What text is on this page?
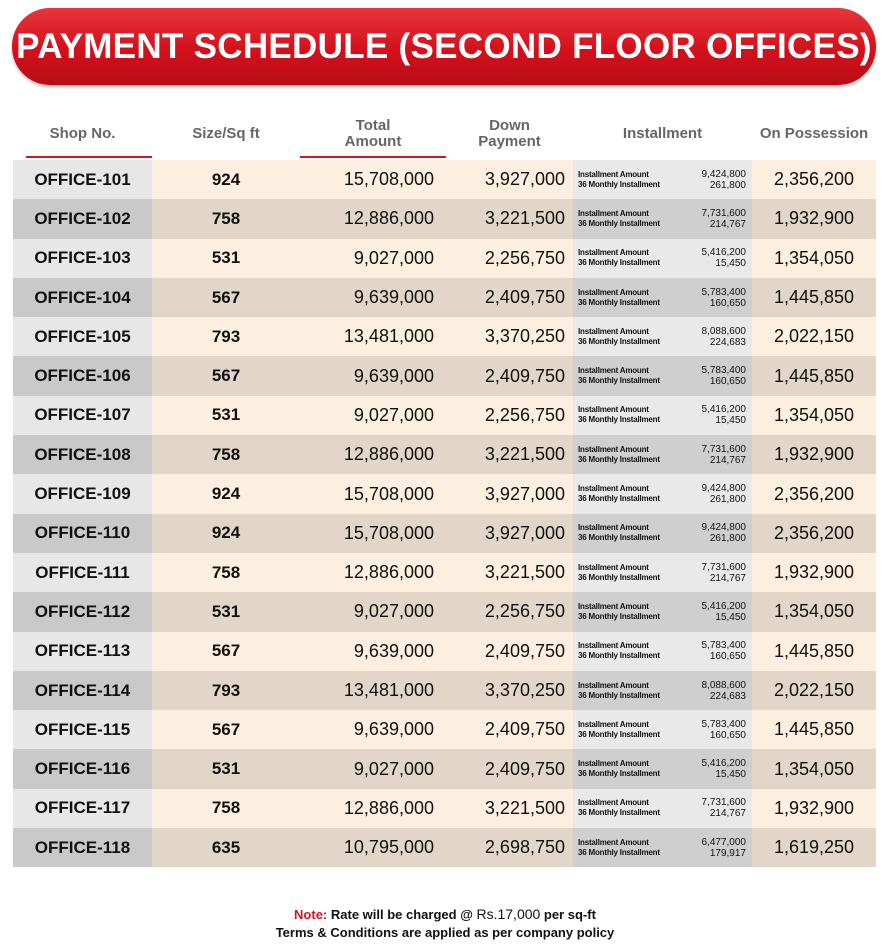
PAYMENT SCHEDULE (SECOND FLOOR OFFICES)
Shop No.	Size/Sq ft	Total
Amount
Down
Payment	Installment	On Possession
OFFICE-101	924	15,708,000	3,927,000	Installment Amount
36 Monthly Installment
9,424,800
261,800	2,356,200
OFFICE-102	758	12,886,000	3,221,500	Installment Amount
36 Monthly Installment
7,731,600
214,767	1,932,900
OFFICE-103	531	9,027,000	2,256,750	Installment Amount
36 Monthly Installment
5,416,200
15,450	1,354,050
OFFICE-104	567	9,639,000	2,409,750	Installment Amount
36 Monthly Installment
5,783,400
160,650	1,445,850
OFFICE-105	793	13,481,000	3,370,250	Installment Amount
36 Monthly Installment
8,088,600
224,683	2,022,150
OFFICE-106	567	9,639,000	2,409,750	Installment Amount
36 Monthly Installment
5,783,400
160,650	1,445,850
OFFICE-107	531	9,027,000	2,256,750	Installment Amount
36 Monthly Installment
5,416,200
15,450	1,354,050
OFFICE-108	758	12,886,000	3,221,500	Installment Amount
36 Monthly Installment
7,731,600
214,767	1,932,900
OFFICE-109	924	15,708,000	3,927,000	Installment Amount
36 Monthly Installment
9,424,800
261,800	2,356,200
OFFICE-110	924	15,708,000	3,927,000	Installment Amount
36 Monthly Installment
9,424,800
261,800	2,356,200
OFFICE-111	758	12,886,000	3,221,500	Installment Amount
36 Monthly Installment
7,731,600
214,767	1,932,900
OFFICE-112	531	9,027,000	2,256,750	Installment Amount
36 Monthly Installment
5,416,200
15,450	1,354,050
OFFICE-113	567	9,639,000	2,409,750	Installment Amount
36 Monthly Installment
5,783,400
160,650	1,445,850
OFFICE-114	793	13,481,000	3,370,250	Installment Amount
36 Monthly Installment
8,088,600
224,683	2,022,150
OFFICE-115	567	9,639,000	2,409,750	Installment Amount
36 Monthly Installment
5,783,400
160,650	1,445,850
OFFICE-116	531	9,027,000	2,409,750	Installment Amount
36 Monthly Installment
5,416,200
15,450	1,354,050
OFFICE-117	758	12,886,000	3,221,500	Installment Amount
36 Monthly Installment
7,731,600
214,767	1,932,900
OFFICE-118	635	10,795,000	2,698,750	Installment Amount
36 Monthly Installment
6,477,000
179,917	1,619,250
Note: Rate will be charged @ Rs.17,000 per sq-ft
Terms & Conditions are applied as per company policy
